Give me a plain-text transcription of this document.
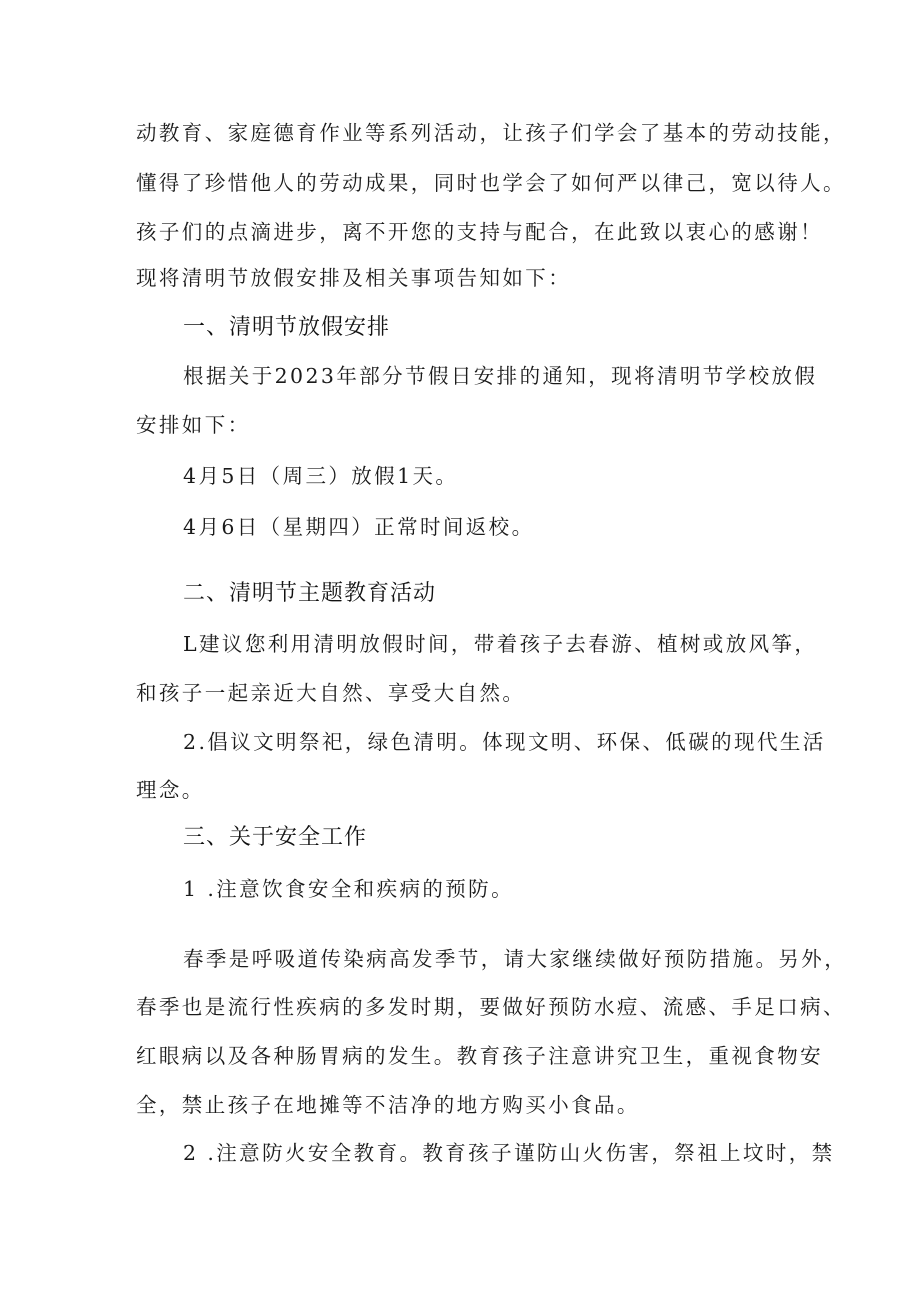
动教育、家庭德育作业等系列活动，让孩子们学会了基本的劳动技能，
懂得了珍惜他人的劳动成果，同时也学会了如何严以律己，宽以待人。
孩子们的点滴进步，离不开您的支持与配合，在此致以衷心的感谢！
现将清明节放假安排及相关事项告知如下：
一、清明节放假安排
根据关于2023年部分节假日安排的通知，现将清明节学校放假
安排如下：
4月5日（周三）放假1天。
4月6日（星期四）正常时间返校。
二、清明节主题教育活动
L建议您利用清明放假时间，带着孩子去春游、植树或放风筝，
和孩子一起亲近大自然、享受大自然。
2.倡议文明祭祀，绿色清明。体现文明、环保、低碳的现代生活
理念。
三、关于安全工作
1 .注意饮食安全和疾病的预防。
春季是呼吸道传染病高发季节，请大家继续做好预防措施。另外，
春季也是流行性疾病的多发时期，要做好预防水痘、流感、手足口病、
红眼病以及各种肠胃病的发生。教育孩子注意讲究卫生，重视食物安
全，禁止孩子在地摊等不洁净的地方购买小食品。
2 .注意防火安全教育。教育孩子谨防山火伤害，祭祖上坟时，禁
